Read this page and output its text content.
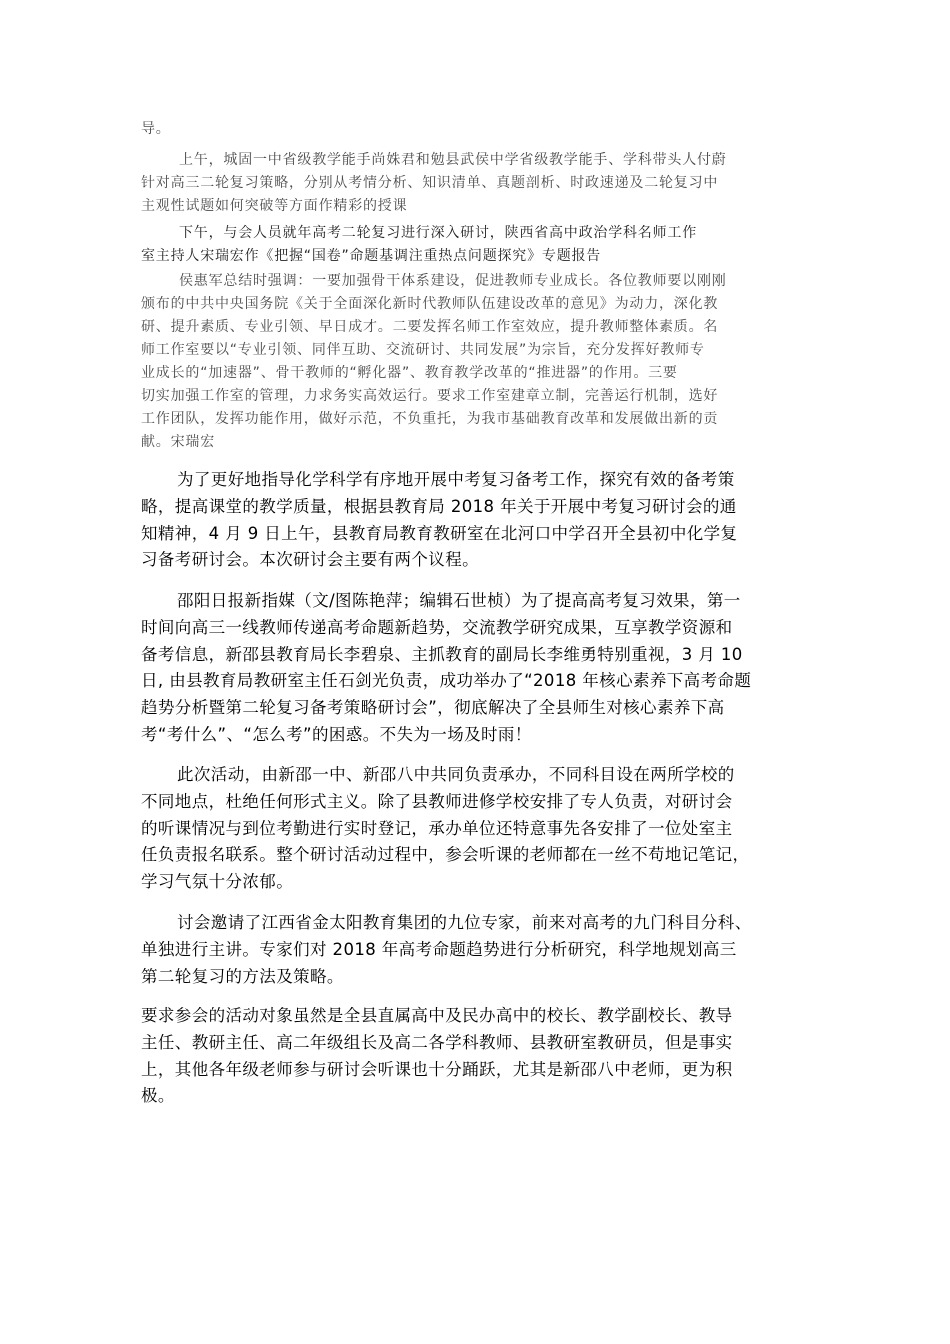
导。
上午，城固一中省级教学能手尚姝君和勉县武侯中学省级教学能手、学科带头人付蔚
针对高三二轮复习策略，分别从考情分析、知识清单、真题剖析、时政速递及二轮复习中
主观性试题如何突破等方面作精彩的授课
下午，与会人员就年高考二轮复习进行深入研讨，陕西省高中政治学科名师工作
室主持人宋瑞宏作《把握“国卷”命题基调注重热点问题探究》专题报告
侯惠军总结时强调：一要加强骨干体系建设，促进教师专业成长。各位教师要以刚刚
颁布的中共中央国务院《关于全面深化新时代教师队伍建设改革的意见》为动力，深化教
研、提升素质、专业引领、早日成才。二要发挥名师工作室效应，提升教师整体素质。名
师工作室要以“专业引领、同伴互助、交流研讨、共同发展”为宗旨，充分发挥好教师专
业成长的“加速器”、骨干教师的“孵化器”、教育教学改革的“推进器”的作用。三要
切实加强工作室的管理，力求务实高效运行。要求工作室建章立制，完善运行机制，选好
工作团队，发挥功能作用，做好示范，不负重托，为我市基础教育改革和发展做出新的贡
献。宋瑞宏
为了更好地指导化学科学有序地开展中考复习备考工作，探究有效的备考策
略，提高课堂的教学质量，根据县教育局 2018 年关于开展中考复习研讨会的通
知精神，4 月 9 日上午，县教育局教育教研室在北河口中学召开全县初中化学复
习备考研讨会。本次研讨会主要有两个议程。
邵阳日报新指媒（文/图陈艳萍；编辑石世桢）为了提高高考复习效果，第一
时间向高三一线教师传递高考命题新趋势，交流教学研究成果，互享教学资源和
备考信息，新邵县教育局长李碧泉、主抓教育的副局长李维勇特别重视，3 月 10
日, 由县教育局教研室主任石剑光负责，成功举办了“2018 年核心素养下高考命题
趋势分析暨第二轮复习备考策略研讨会”，彻底解决了全县师生对核心素养下高
考“考什么”、“怎么考”的困惑。不失为一场及时雨！
此次活动，由新邵一中、新邵八中共同负责承办，不同科目设在两所学校的
不同地点，杜绝任何形式主义。除了县教师进修学校安排了专人负责，对研讨会
的听课情况与到位考勤进行实时登记，承办单位还特意事先各安排了一位处室主
任负责报名联系。整个研讨活动过程中，参会听课的老师都在一丝不苟地记笔记，
学习气氛十分浓郁。
讨会邀请了江西省金太阳教育集团的九位专家，前来对高考的九门科目分科、
单独进行主讲。专家们对 2018 年高考命题趋势进行分析研究，科学地规划高三
第二轮复习的方法及策略。
要求参会的活动对象虽然是全县直属高中及民办高中的校长、教学副校长、教导
主任、教研主任、高二年级组长及高二各学科教师、县教研室教研员，但是事实
上，其他各年级老师参与研讨会听课也十分踊跃，尤其是新邵八中老师，更为积
极。
